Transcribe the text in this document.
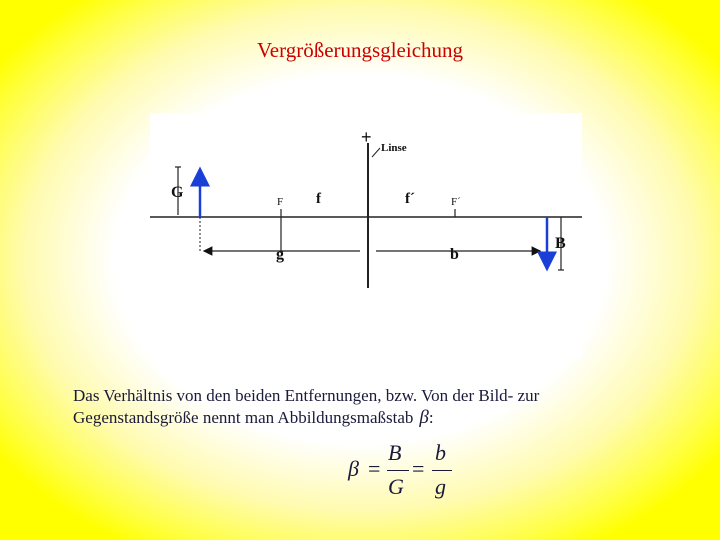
Vergrößerungsgleichung
+
Linse
G
F f	F´
f´
g	b
B
Das Verhältnis von den beiden Entfernungen, bzw. Von der Bild- zur
Gegenstandsgröße nennt man Abbildungsmaßstab β:
β =
B
G
=
b
g
